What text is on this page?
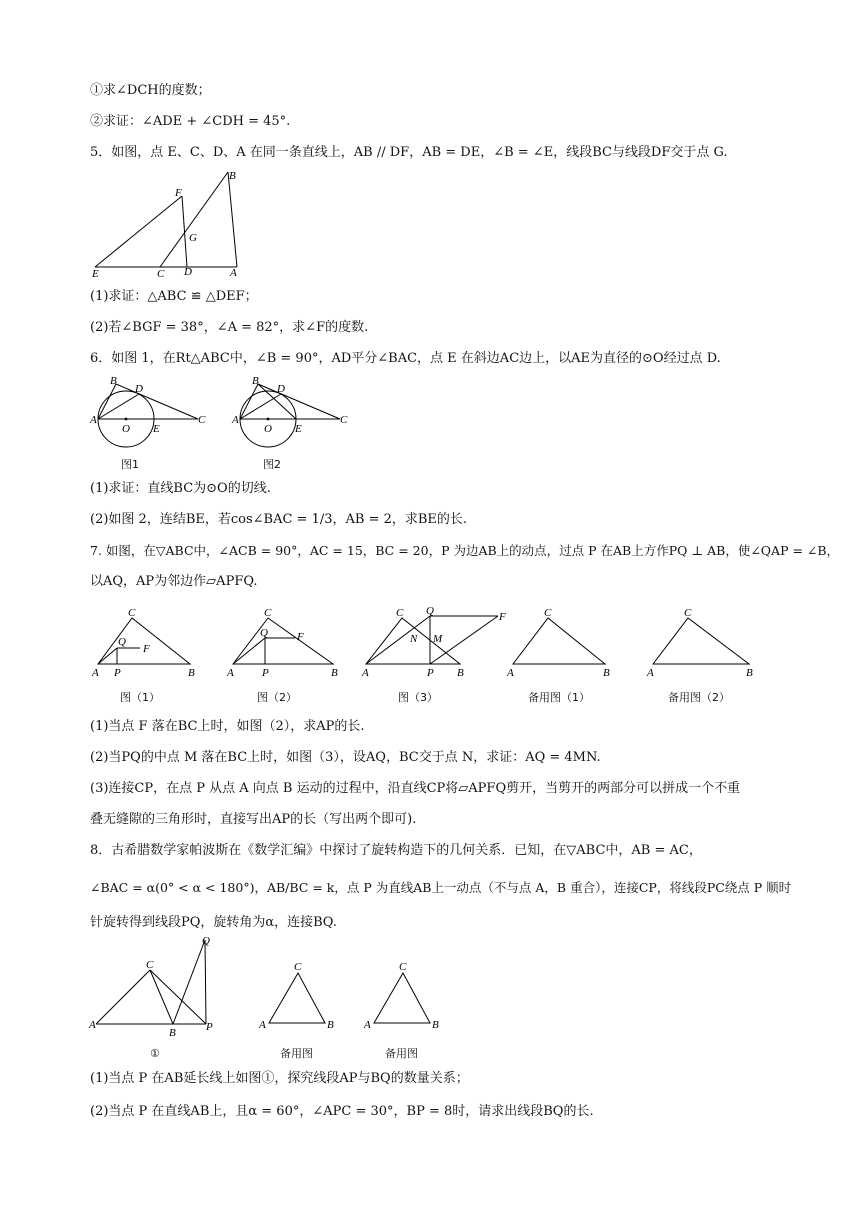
①求∠DCH的度数；
②求证：∠ADE + ∠CDH = 45°.
5．如图，点 E、C、D、A 在同一条直线上，AB // DF，AB = DE，∠B = ∠E，线段BC与线段DF交于点 G.
E	C D	A
F
G
B
(1)求证：△ABC ≌ △DEF；
(2)若∠BGF = 38°，∠A = 82°，求∠F的度数.
6．如图 1，在Rt△ABC中，∠B = 90°，AD平分∠BAC，点 E 在斜边AC边上，以AE为直径的⊙O经过点 D.
B
D
A
O E
C
图1
B
D
A
O E
C
图2
(1)求证：直线BC为⊙O的切线.
(2)如图 2，连结BE，若cos∠BAC = 1/3，AB = 2，求BE的长.
7. 如图，在▽ABC中，∠ACB = 90°，AC = 15，BC = 20，P 为边AB上的动点，过点 P 在AB上方作PQ ⊥ AB，使∠QAP = ∠B，
以AQ，AP为邻边作▱APFQ.
C
Q
F
A P	B
图（1）
C
Q	F
A	P	B
图（2）
C Q	F
N M
A	P B
图（3）
C
A	B
备用图（1）
C
A	B
备用图（2）
(1)当点 F 落在BC上时，如图（2），求AP的长.
(2)当PQ的中点 M 落在BC上时，如图（3），设AQ，BC交于点 N，求证：AQ = 4MN.
(3)连接CP，在点 P 从点 A 向点 B 运动的过程中，沿直线CP将▱APFQ剪开，当剪开的两部分可以拼成一个不重
叠无缝隙的三角形时，直接写出AP的长（写出两个即可).
8．古希腊数学家帕波斯在《数学汇编》中探讨了旋转构造下的几何关系．已知，在▽ABC中，AB = AC，
∠BAC = α(0° < α < 180°)，AB/BC = k，点 P 为直线AB上一动点（不与点 A，B 重合），连接CP，将线段PC绕点 P 顺时
针旋转得到线段PQ，旋转角为α，连接BQ.
C
Q
A
B	P
①
C
A	B
备用图
C
A	B
备用图
(1)当点 P 在AB延长线上如图①，探究线段AP与BQ的数量关系；
(2)当点 P 在直线AB上，且α = 60°，∠APC = 30°，BP = 8时，请求出线段BQ的长.
